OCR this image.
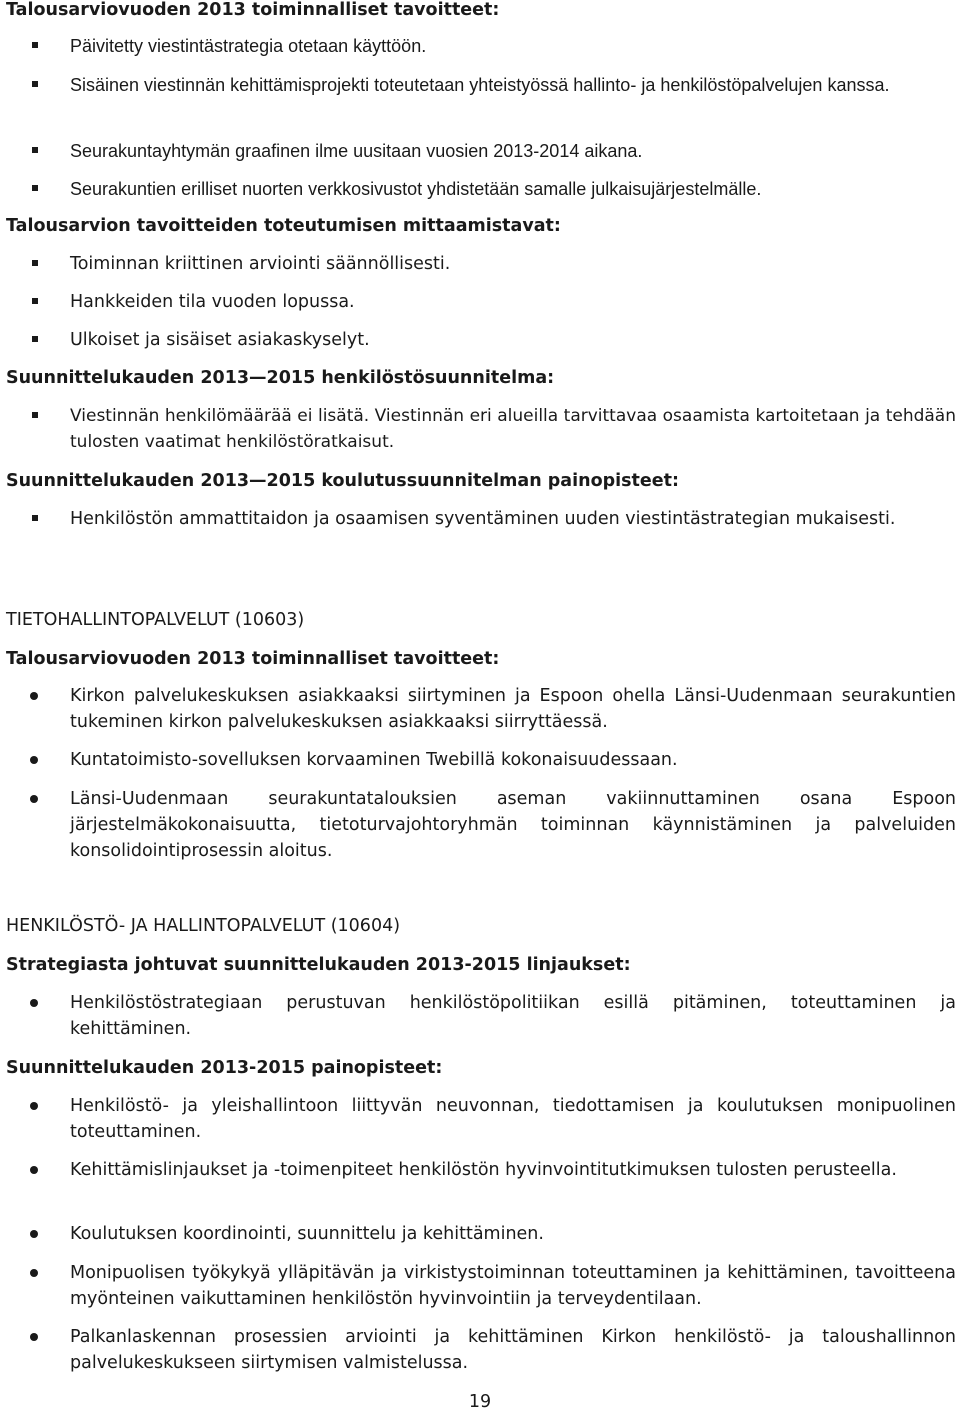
Talousarviovuoden 2013 toiminnalliset tavoitteet:
Päivitetty viestintästrategia otetaan käyttöön.
Sisäinen viestinnän kehittämisprojekti toteutetaan yhteistyössä hallinto- ja henkilöstöpalvelujen kanssa.
Seurakuntayhtymän graafinen ilme uusitaan vuosien 2013-2014 aikana.
Seurakuntien erilliset nuorten verkkosivustot yhdistetään samalle julkaisujärjestelmälle.
Talousarvion tavoitteiden toteutumisen mittaamistavat:
Toiminnan kriittinen arviointi säännöllisesti.
Hankkeiden tila vuoden lopussa.
Ulkoiset ja sisäiset asiakaskyselyt.
Suunnittelukauden 2013—2015 henkilöstösuunnitelma:
Viestinnän henkilömäärää ei lisätä. Viestinnän eri alueilla tarvittavaa osaamista kartoitetaan ja tehdään tulosten vaatimat henkilöstöratkaisut.
Suunnittelukauden 2013—2015 koulutussuunnitelman painopisteet:
Henkilöstön ammattitaidon ja osaamisen syventäminen uuden viestintästrategian mukaisesti.
TIETOHALLINTOPALVELUT (10603)
Talousarviovuoden 2013 toiminnalliset tavoitteet:
Kirkon palvelukeskuksen asiakkaaksi siirtyminen ja Espoon ohella Länsi-Uudenmaan seurakuntien tukeminen kirkon palvelukeskuksen asiakkaaksi siirryttäessä.
Kuntatoimisto-sovelluksen korvaaminen Twebillä kokonaisuudessaan.
Länsi-Uudenmaan seurakuntatalouksien aseman vakiinnuttaminen osana Espoon järjestelmäkokonaisuutta, tietoturvajohtoryhmän toiminnan käynnistäminen ja palveluiden konsolidointiprosessin aloitus.
HENKILÖSTÖ- JA HALLINTOPALVELUT (10604)
Strategiasta johtuvat suunnittelukauden 2013-2015 linjaukset:
Henkilöstöstrategiaan perustuvan henkilöstöpolitiikan esillä pitäminen, toteuttaminen ja kehittäminen.
Suunnittelukauden 2013-2015 painopisteet:
Henkilöstö- ja yleishallintoon liittyvän neuvonnan, tiedottamisen ja koulutuksen monipuolinen toteuttaminen.
Kehittämislinjaukset ja -toimenpiteet henkilöstön hyvinvointitutkimuksen tulosten perusteella.
Koulutuksen koordinointi, suunnittelu ja kehittäminen.
Monipuolisen työkykyä ylläpitävän ja virkistystoiminnan toteuttaminen ja kehittäminen, tavoitteena myönteinen vaikuttaminen henkilöstön hyvinvointiin ja terveydentilaan.
Palkanlaskennan prosessien arviointi ja kehittäminen Kirkon henkilöstö- ja taloushallinnon palvelukeskukseen siirtymisen valmistelussa.
19
